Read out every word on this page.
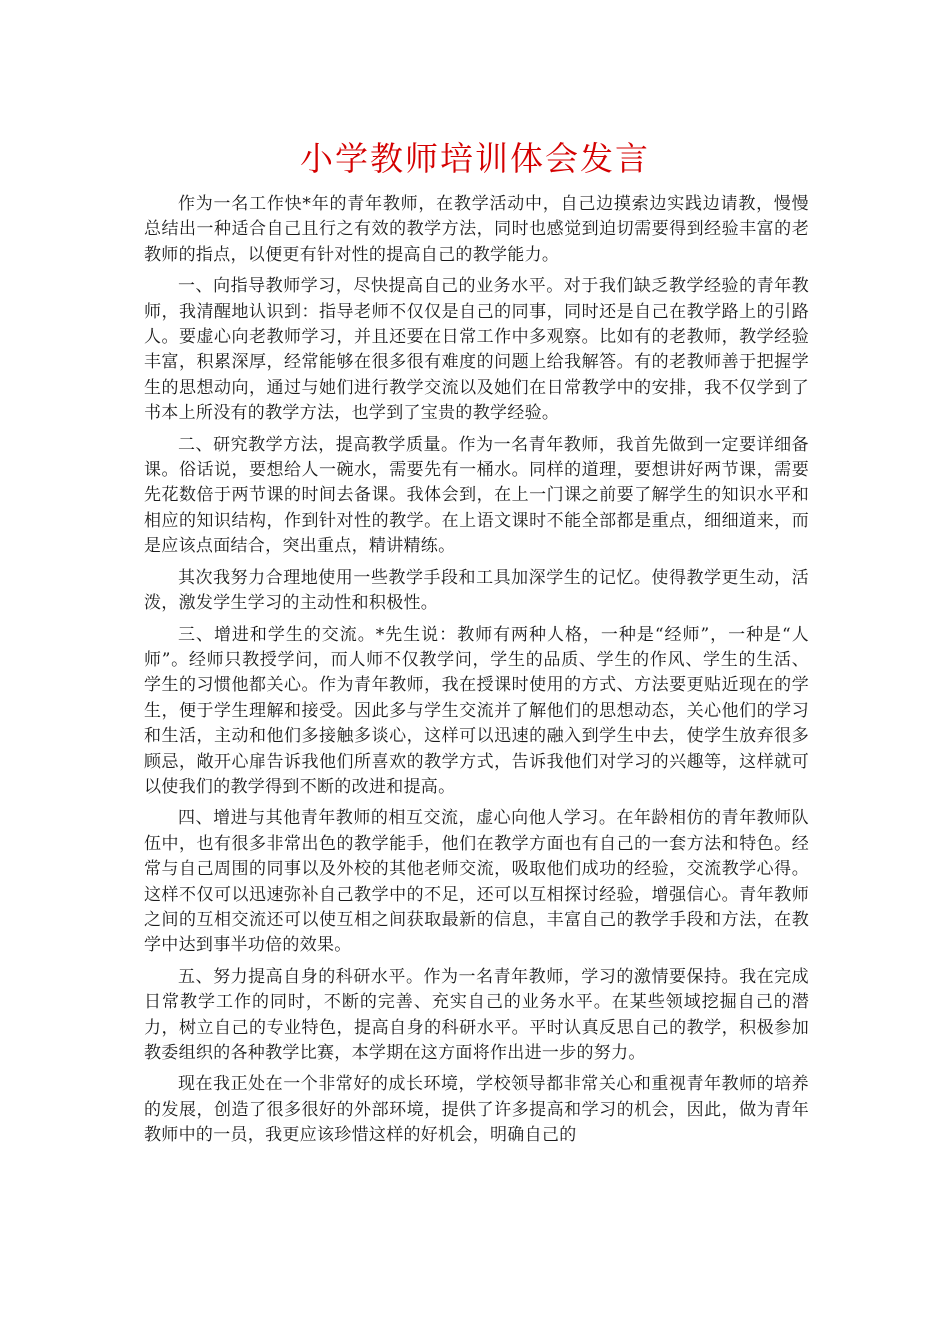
小学教师培训体会发言

作为一名工作快*年的青年教师，在教学活动中，自己边摸索边实践边请教，慢慢总结出一种适合自己且行之有效的教学方法，同时也感觉到迫切需要得到经验丰富的老教师的指点，以便更有针对性的提高自己的教学能力。

一、向指导教师学习，尽快提高自己的业务水平。对于我们缺乏教学经验的青年教师，我清醒地认识到：指导老师不仅仅是自己的同事，同时还是自己在教学路上的引路人。要虚心向老教师学习，并且还要在日常工作中多观察。比如有的老教师，教学经验丰富，积累深厚，经常能够在很多很有难度的问题上给我解答。有的老教师善于把握学生的思想动向，通过与她们进行教学交流以及她们在日常教学中的安排，我不仅学到了书本上所没有的教学方法，也学到了宝贵的教学经验。

二、研究教学方法，提高教学质量。作为一名青年教师，我首先做到一定要详细备课。俗话说，要想给人一碗水，需要先有一桶水。同样的道理，要想讲好两节课，需要先花数倍于两节课的时间去备课。我体会到，在上一门课之前要了解学生的知识水平和相应的知识结构，作到针对性的教学。在上语文课时不能全部都是重点，细细道来，而是应该点面结合，突出重点，精讲精练。

其次我努力合理地使用一些教学手段和工具加深学生的记忆。使得教学更生动，活泼，激发学生学习的主动性和积极性。

三、增进和学生的交流。*先生说：教师有两种人格，一种是“经师”，一种是“人师”。经师只教授学问，而人师不仅教学问，学生的品质、学生的作风、学生的生活、学生的习惯他都关心。作为青年教师，我在授课时使用的方式、方法要更贴近现在的学生，便于学生理解和接受。因此多与学生交流并了解他们的思想动态，关心他们的学习和生活，主动和他们多接触多谈心，这样可以迅速的融入到学生中去，使学生放弃很多顾忌，敞开心扉告诉我他们所喜欢的教学方式，告诉我他们对学习的兴趣等，这样就可以使我们的教学得到不断的改进和提高。

四、增进与其他青年教师的相互交流，虚心向他人学习。在年龄相仿的青年教师队伍中，也有很多非常出色的教学能手，他们在教学方面也有自己的一套方法和特色。经常与自己周围的同事以及外校的其他老师交流，吸取他们成功的经验，交流教学心得。这样不仅可以迅速弥补自己教学中的不足，还可以互相探讨经验，增强信心。青年教师之间的互相交流还可以使互相之间获取最新的信息，丰富自己的教学手段和方法，在教学中达到事半功倍的效果。

五、努力提高自身的科研水平。作为一名青年教师，学习的激情要保持。我在完成日常教学工作的同时，不断的完善、充实自己的业务水平。在某些领域挖掘自己的潜力，树立自己的专业特色，提高自身的科研水平。平时认真反思自己的教学，积极参加教委组织的各种教学比赛，本学期在这方面将作出进一步的努力。

现在我正处在一个非常好的成长环境，学校领导都非常关心和重视青年教师的培养的发展，创造了很多很好的外部环境，提供了许多提高和学习的机会，因此，做为青年教师中的一员，我更应该珍惜这样的好机会，明确自己的
